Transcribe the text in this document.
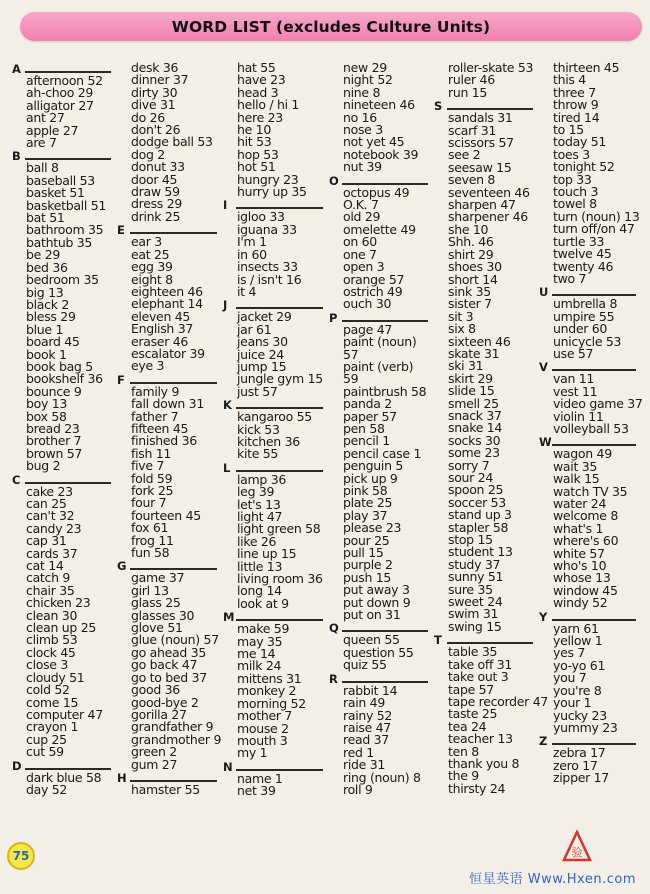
WORD LIST (excludes Culture Units)
A
afternoon 52
ah-choo 29
alligator 27
ant 27
apple 27
are 7
B
ball 8
baseball 53
basket 51
basketball 51
bat 51
bathroom 35
bathtub 35
be 29
bed 36
bedroom 35
big 13
black 2
bless 29
blue 1
board 45
book 1
book bag 5
bookshelf 36
bounce 9
boy 13
box 58
bread 23
brother 7
brown 57
bug 2
C
cake 23
can 25
can't 32
candy 23
cap 31
cards 37
cat 14
catch 9
chair 35
chicken 23
clean 30
clean up 25
climb 53
clock 45
close 3
cloudy 51
cold 52
come 15
computer 47
crayon 1
cup 25
cut 59
D
dark blue 58
day 52
desk 36
dinner 37
dirty 30
dive 31
do 26
don't 26
dodge ball 53
dog 2
donut 33
door 45
draw 59
dress 29
drink 25
E
ear 3
eat 25
egg 39
eight 8
eighteen 46
elephant 14
eleven 45
English 37
eraser 46
escalator 39
eye 3
F
family 9
fall down 31
father 7
fifteen 45
finished 36
fish 11
five 7
fold 59
fork 25
four 7
fourteen 45
fox 61
frog 11
fun 58
G
game 37
girl 13
glass 25
glasses 30
glove 51
glue (noun) 57
go ahead 35
go back 47
go to bed 37
good 36
good-bye 2
gorilla 27
grandfather 9
grandmother 9
green 2
gum 27
H
hamster 55
hat 55
have 23
head 3
hello / hi 1
here 23
he 10
hit 53
hop 53
hot 51
hungry 23
hurry up 35
I
igloo 33
iguana 33
I'm 1
in 60
insects 33
is / isn't 16
it 4
J
jacket 29
jar 61
jeans 30
juice 24
jump 15
jungle gym 15
just 57
K
kangaroo 55
kick 53
kitchen 36
kite 55
L
lamp 36
leg 39
let's 13
light 47
light green 58
like 26
line up 15
little 13
living room 36
long 14
look at 9
M
make 59
may 35
me 14
milk 24
mittens 31
monkey 2
morning 52
mother 7
mouse 2
mouth 3
my 1
N
name 1
net 39
new 29
night 52
nine 8
nineteen 46
no 16
nose 3
not yet 45
notebook 39
nut 39
O
octopus 49
O.K. 7
old 29
omelette 49
on 60
one 7
open 3
orange 57
ostrich 49
ouch 30
P
page 47
paint (noun)
57
paint (verb)
59
paintbrush 58
panda 2
paper 57
pen 58
pencil 1
pencil case 1
penguin 5
pick up 9
pink 58
plate 25
play 37
please 23
pour 25
pull 15
purple 2
push 15
put away 3
put down 9
put on 31
Q
queen 55
question 55
quiz 55
R
rabbit 14
rain 49
rainy 52
raise 47
read 37
red 1
ride 31
ring (noun) 8
roll 9
roller-skate 53
ruler 46
run 15
S
sandals 31
scarf 31
scissors 57
see 2
seesaw 15
seven 8
seventeen 46
sharpen 47
sharpener 46
she 10
Shh. 46
shirt 29
shoes 30
short 14
sink 35
sister 7
sit 3
six 8
sixteen 46
skate 31
ski 31
skirt 29
slide 15
smell 25
snack 37
snake 14
socks 30
some 23
sorry 7
sour 24
spoon 25
soccer 53
stand up 3
stapler 58
stop 15
student 13
study 37
sunny 51
sure 35
sweet 24
swim 31
swing 15
T
table 35
take off 31
take out 3
tape 57
tape recorder 47
taste 25
tea 24
teacher 13
ten 8
thank you 8
the 9
thirsty 24
thirteen 45
this 4
three 7
throw 9
tired 14
to 15
today 51
toes 3
tonight 52
top 33
touch 3
towel 8
turn (noun) 13
turn off/on 47
turtle 33
twelve 45
twenty 46
two 7
U
umbrella 8
umpire 55
under 60
unicycle 53
use 57
V
van 11
vest 11
video game 37
violin 11
volleyball 53
W
wagon 49
wait 35
walk 15
watch TV 35
water 24
welcome 8
what's 1
where's 60
white 57
who's 10
whose 13
window 45
windy 52
Y
yarn 61
yellow 1
yes 7
yo-yo 61
you 7
you're 8
your 1
yucky 23
yummy 23
Z
zebra 17
zero 17
zipper 17
75	验
恒星英语 Www.Hxen.com
